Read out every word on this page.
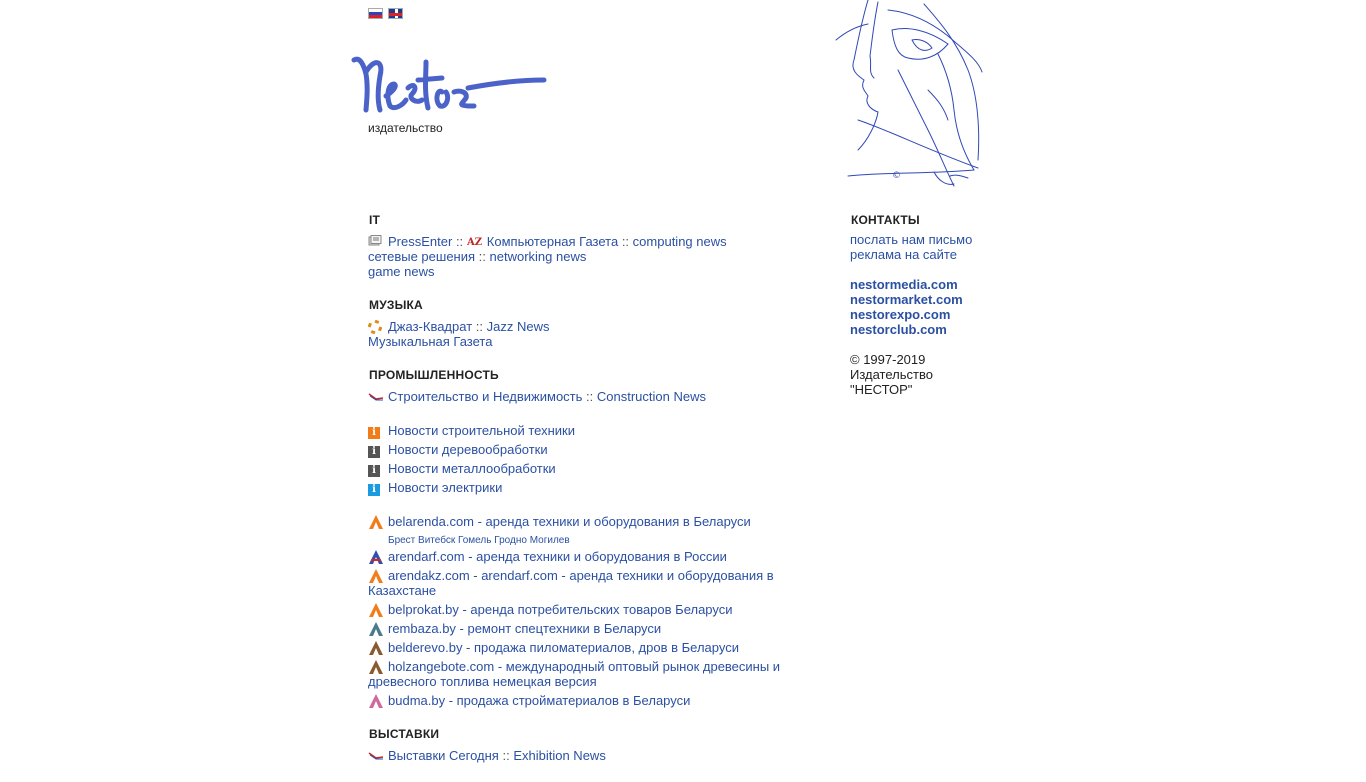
издательство
©
IT
PressEnter :: AZ Компьютерная Газета :: computing news
сетевые решения :: networking news
game news
МУЗЫКА
Джаз-Квадрат :: Jazz News
Музыкальная Газета
ПРОМЫШЛЕННОСТЬ
Строительство и Недвижимость :: Construction News
i Новости строительной техники
i Новости деревообработки
i Новости металлообработки
i Новости электрики
belarenda.com - аренда техники и оборудования в Беларуси
Брест Витебск Гомель Гродно Могилев
arendarf.com - аренда техники и оборудования в России
arendakz.com - arendarf.com - аренда техники и оборудования в Казахстане
belprokat.by - аренда потребительских товаров Беларуси
rembaza.by - ремонт спецтехники в Беларуси
belderevo.by - продажа пиломатериалов, дров в Беларуси
holzangebote.com - международный оптовый рынок древесины и древесного топлива немецкая версия
budma.by - продажа стройматериалов в Беларуси
ВЫСТАВКИ
Выставки Сегодня :: Exhibition News
КОНТАКТЫ
послать нам письмо
реклама на сайте
nestormedia.com
nestormarket.com
nestorexpo.com
nestorclub.com
© 1997-2019
Издательство
"НЕСТОР"
